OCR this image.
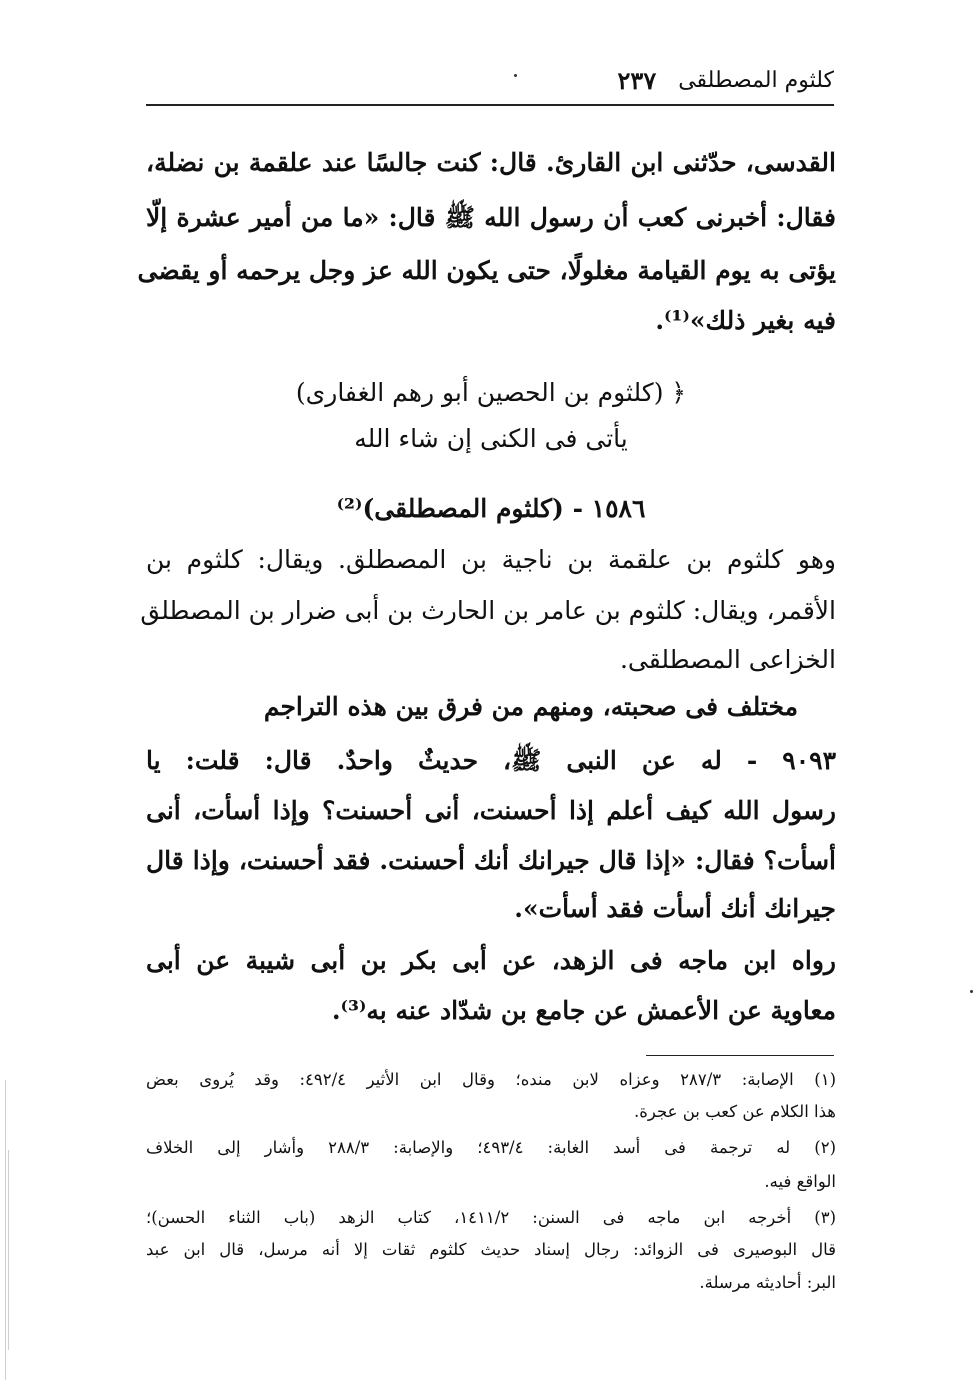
كلثوم المصطلقى
٢٣٧
القدسى، حدّثنى ابن القارئ. قال: كنت جالسًا عند علقمة بن نضلة،
فقال: أخبرنى كعب أن رسول الله ﷺ قال: «ما من أمير عشرة إلّا
يؤتى به يوم القيامة مغلولًا، حتى يكون الله عز وجل يرحمه أو يقضى
فيه بغير ذلك»⁽¹⁾.
﴿ (كلثوم بن الحصين أبو رهم الغفارى)
يأتى فى الكنى إن شاء الله
١٥٨٦ - (كلثوم المصطلقى)⁽²⁾
وهو كلثوم بن علقمة بن ناجية بن المصطلق. ويقال: كلثوم بن
الأقمر، ويقال: كلثوم بن عامر بن الحارث بن أبى ضرار بن المصطلق
الخزاعى المصطلقى.
مختلف فى صحبته، ومنهم من فرق بين هذه التراجم
٩٠٩٣ - له عن النبى ﷺ، حديثٌ واحدٌ. قال: قلت: يا
رسول الله كيف أعلم إذا أحسنت، أنى أحسنت؟ وإذا أسأت، أنى
أسأت؟ فقال: «إذا قال جيرانك أنك أحسنت. فقد أحسنت، وإذا قال
جيرانك أنك أسأت فقد أسأت».
رواه ابن ماجه فى الزهد، عن أبى بكر بن أبى شيبة عن أبى
معاوية عن الأعمش عن جامع بن شدّاد عنه به⁽³⁾.
(١) الإصابة: ٢٨٧/٣ وعزاه لابن منده؛ وقال ابن الأثير ٤٩٢/٤: وقد يُروى بعض
هذا الكلام عن كعب بن عجرة.
(٢) له ترجمة فى أسد الغابة: ٤٩٣/٤؛ والإصابة: ٢٨٨/٣ وأشار إلى الخلاف
الواقع فيه.
(٣) أخرجه ابن ماجه فى السنن: ١٤١١/٢، كتاب الزهد (باب الثناء الحسن)؛
قال البوصيرى فى الزوائد: رجال إسناد حديث كلثوم ثقات إلا أنه مرسل، قال ابن عبد
البر: أحاديثه مرسلة.
